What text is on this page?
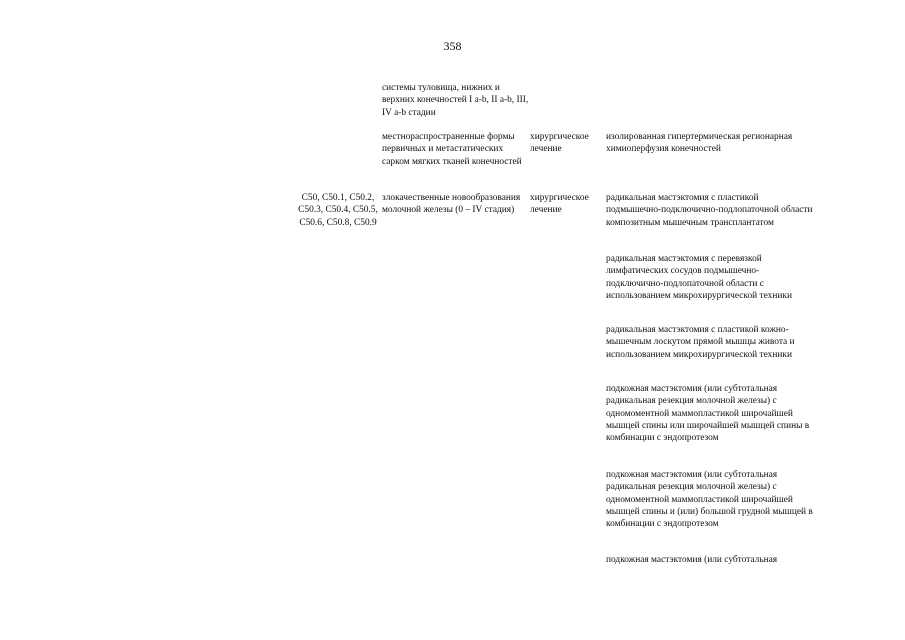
358
системы туловища, нижних и верхних конечностей I a-b, II a-b, III, IV a-b стадии
местнораспространенные формы первичных и метастатических сарком мягких тканей конечностей
хирургическое лечение
изолированная гипертермическая регионарная химиоперфузия конечностей
C50, C50.1, C50.2, C50.3, C50.4, C50.5, C50.6, C50.8, C50.9
злокачественные новообразования молочной железы (0 – IV стадия)
хирургическое лечение
радикальная мастэктомия с пластикой подмышечно-подключично-подлопаточной области композитным мышечным трансплантатом
радикальная мастэктомия с перевязкой лимфатических сосудов подмышечно-подключично-подлопаточной области с использованием микрохирургической техники
радикальная мастэктомия с пластикой кожно-мышечным лоскутом прямой мышцы живота и использованием микрохирургической техники
подкожная мастэктомия (или субтотальная радикальная резекция молочной железы) с одномоментной маммопластикой широчайшей мышцей спины или широчайшей мышцей спины в комбинации с эндопротезом
подкожная мастэктомия (или субтотальная радикальная резекция молочной железы) с одномоментной маммопластикой широчайшей мышцей спины и (или) большой грудной мышцей в комбинации с эндопротезом
подкожная мастэктомия (или субтотальная
